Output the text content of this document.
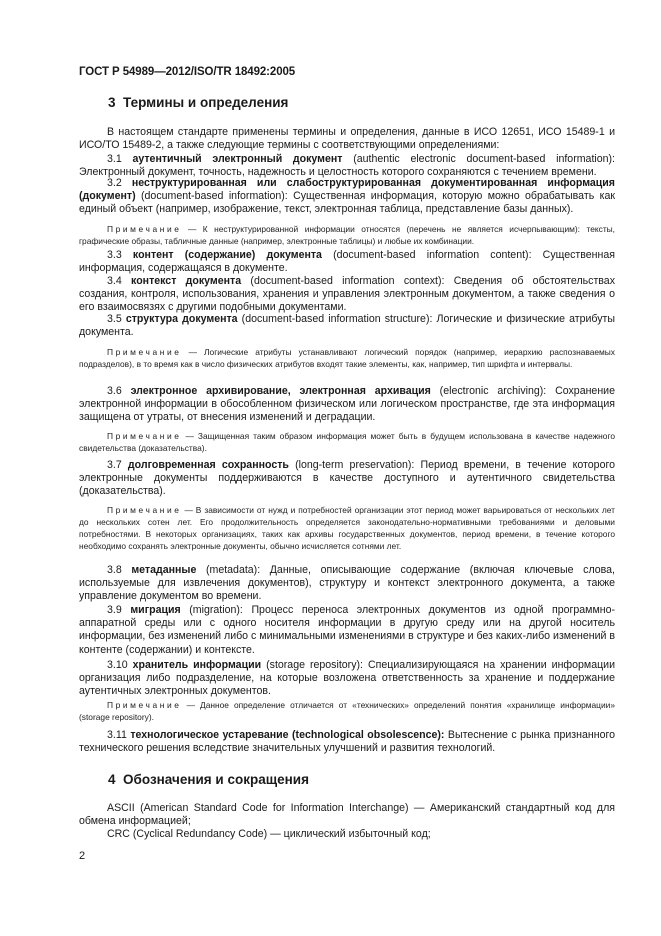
ГОСТ Р 54989—2012/ISO/TR 18492:2005
3 Термины и определения

В настоящем стандарте применены термины и определения, данные в ИСО 12651, ИСО 15489-1 и ИСО/ТО 15489-2, а также следующие термины с соответствующими определениями:

3.1 аутентичный электронный документ (authentic electronic document-based information): Электронный документ, точность, надежность и целостность которого сохраняются с течением времени.

3.2 неструктурированная или слабоструктурированная документированная информация (документ) (document-based information): Существенная информация, которую можно обрабатывать как единый объект (например, изображение, текст, электронная таблица, представление базы данных).

Примечание — К неструктурированной информации относятся (перечень не является исчерпывающим): тексты, графические образы, табличные данные (например, электронные таблицы) и любые их комбинации.

3.3 контент (содержание) документа (document-based information content): Существенная информация, содержащаяся в документе.

3.4 контекст документа (document-based information context): Сведения об обстоятельствах создания, контроля, использования, хранения и управления электронным документом, а также сведения о его взаимосвязях с другими подобными документами.

3.5 структура документа (document-based information structure): Логические и физические атрибуты документа.

Примечание — Логические атрибуты устанавливают логический порядок (например, иерархию распознаваемых подразделов), в то время как в число физических атрибутов входят такие элементы, как, например, тип шрифта и интервалы.

3.6 электронное архивирование, электронная архивация (electronic archiving): Сохранение электронной информации в обособленном физическом или логическом пространстве, где эта информация защищена от утраты, от внесения изменений и деградации.

Примечание — Защищенная таким образом информация может быть в будущем использована в качестве надежного свидетельства (доказательства).

3.7 долговременная сохранность (long-term preservation): Период времени, в течение которого электронные документы поддерживаются в качестве доступного и аутентичного свидетельства (доказательства).

Примечание — В зависимости от нужд и потребностей организации этот период может варьироваться от нескольких лет до нескольких сотен лет. Его продолжительность определяется законодательно-нормативными требованиями и деловыми потребностями. В некоторых организациях, таких как архивы государственных документов, период времени, в течение которого необходимо сохранять электронные документы, обычно исчисляется сотнями лет.

3.8 метаданные (metadata): Данные, описывающие содержание (включая ключевые слова, используемые для извлечения документов), структуру и контекст электронного документа, а также управление документом во времени.

3.9 миграция (migration): Процесс переноса электронных документов из одной программно-аппаратной среды или с одного носителя информации в другую среду или на другой носитель информации, без изменений либо с минимальными изменениями в структуре и без каких-либо изменений в контенте (содержании) и контексте.

3.10 хранитель информации (storage repository): Специализирующаяся на хранении информации организация либо подразделение, на которые возложена ответственность за хранение и поддержание аутентичных электронных документов.

Примечание — Данное определение отличается от «технических» определений понятия «хранилище информации» (storage repository).

3.11 технологическое устаревание (technological obsolescence): Вытеснение с рынка признанного технического решения вследствие значительных улучшений и развития технологий.

4 Обозначения и сокращения

ASCII (American Standard Code for Information Interchange) — Американский стандартный код для обмена информацией;

CRC (Cyclical Redundancy Code) — циклический избыточный код;

2
